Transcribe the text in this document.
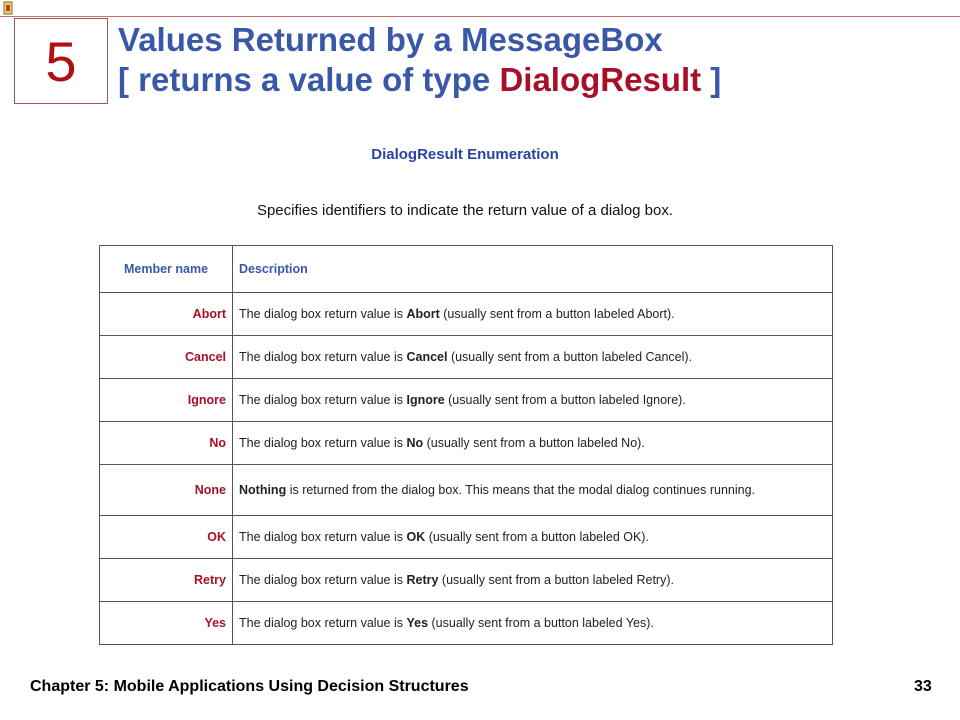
5 Values Returned by a MessageBox
[ returns a value of type DialogResult ]
DialogResult Enumeration
Specifies identifiers to indicate the return value of a dialog box.
Member name	Description
Abort	The dialog box return value is Abort (usually sent from a button labeled Abort).
Cancel	The dialog box return value is Cancel (usually sent from a button labeled Cancel).
Ignore	The dialog box return value is Ignore (usually sent from a button labeled Ignore).
No	The dialog box return value is No (usually sent from a button labeled No).
None	Nothing is returned from the dialog box. This means that the modal dialog continues running.
OK	The dialog box return value is OK (usually sent from a button labeled OK).
Retry	The dialog box return value is Retry (usually sent from a button labeled Retry).
Yes	The dialog box return value is Yes (usually sent from a button labeled Yes).
Chapter 5: Mobile Applications Using Decision Structures	33
